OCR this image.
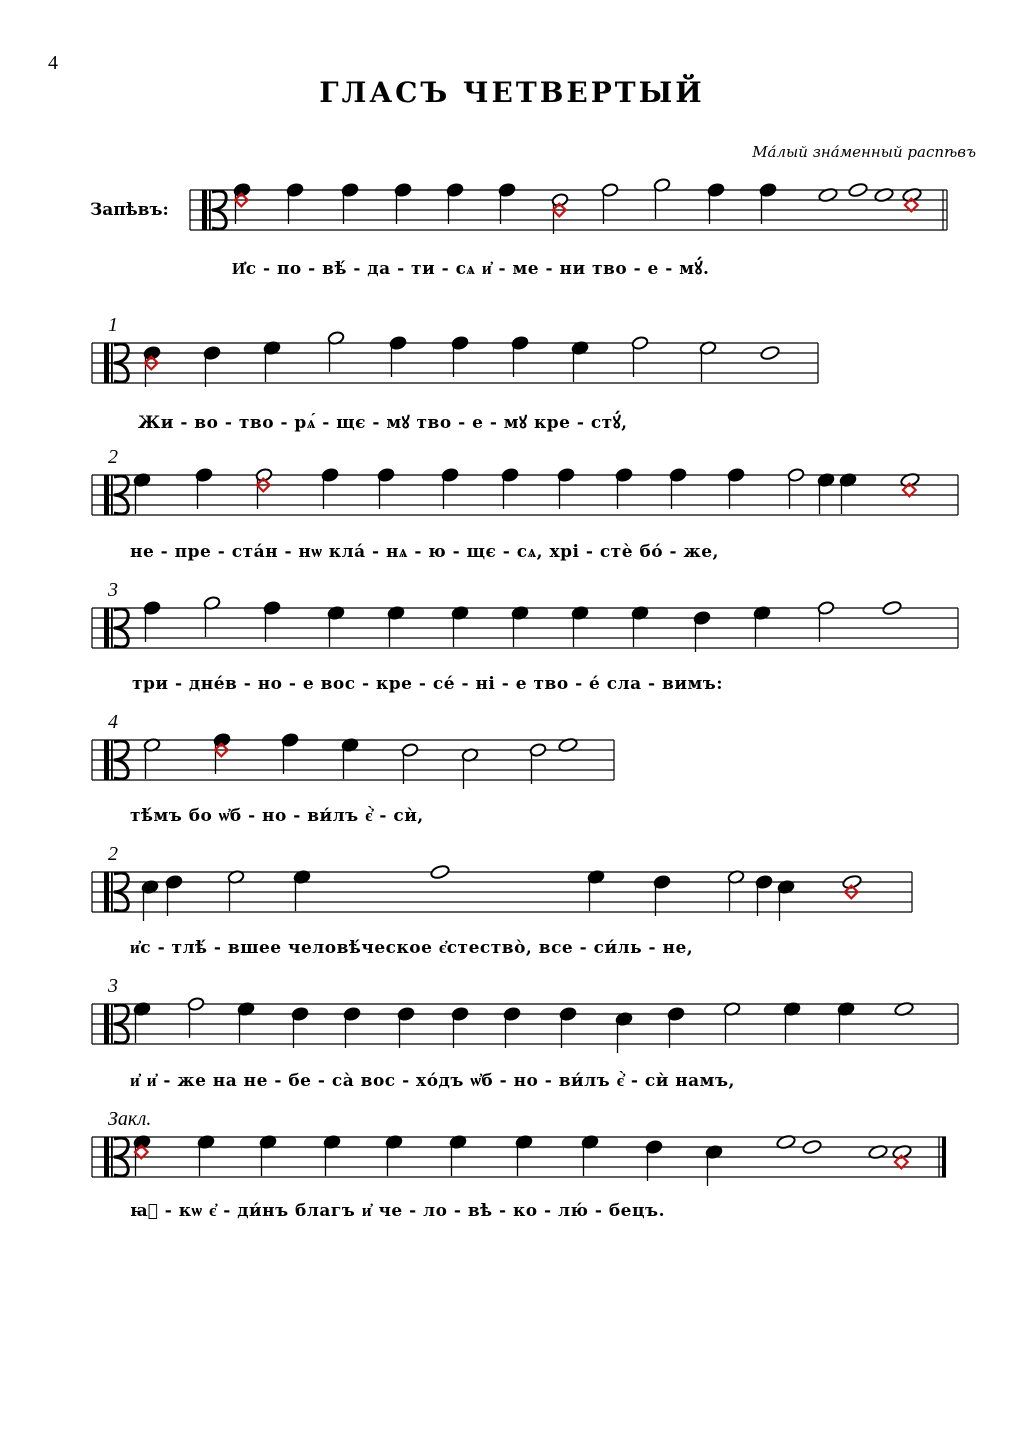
4
ГЛАСЪ ЧЕТВЕРТЫЙ
Ма́лый зна́менный распѣвъ
Запѣвъ:
1
2
3
4
2
3
Закл.
И҆с - по - вѣ́ - да - ти - сѧ и҆ - ме - ни тво - е - мꙋ́.
Жи - во - тво - рѧ́ - щє - мꙋ тво - е - мꙋ кре - стꙋ́,
не - пре - ста́н - нѡ кла́ - нѧ - ю - щє - сѧ, хрі - стѐ бо́ - же,
три - дне́в - но - е вос - кре - се́ - ні - е тво - е́ сла - вимъ:
тѣ́мъ бо ѡ҆б - но - ви́лъ є҆̀ - сѝ,
и҆с - тлѣ́ - вшее человѣ́ческое є҆стество̀, все - си́ль - не,
и҆ и҆ - же на не - бе - са̀ вос - хо́дъ ѡ҆б - но - ви́лъ є҆̀ - сѝ намъ,
ꙗ҆ - кѡ є҆ - ди́нъ благъ и҆ че - ло - вѣ - ко - лю́ - бецъ.
